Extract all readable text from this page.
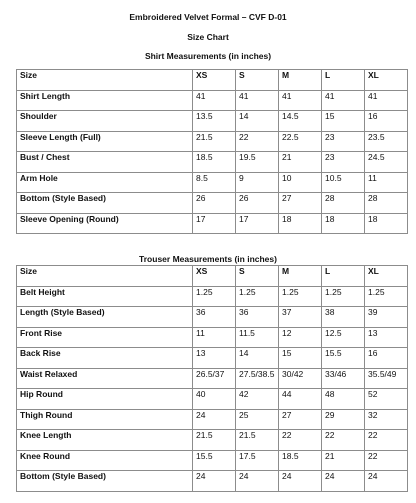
Embroidered Velvet Formal – CVF D-01
Size Chart
Shirt Measurements (in inches)
Size	XS	S	M	L	XL
Shirt Length	41	41	41	41	41
Shoulder	13.5	14	14.5	15	16
Sleeve Length (Full)	21.5	22	22.5	23	23.5
Bust / Chest	18.5	19.5	21	23	24.5
Arm Hole	8.5	9	10	10.5	11
Bottom (Style Based)	26	26	27	28	28
Sleeve Opening (Round)	17	17	18	18	18
Trouser Measurements (in inches)
Size	XS	S	M	L	XL
Belt Height	1.25	1.25	1.25	1.25	1.25
Length (Style Based)	36	36	37	38	39
Front Rise	11	11.5	12	12.5	13
Back Rise	13	14	15	15.5	16
Waist Relaxed	26.5/37	27.5/38.5	30/42	33/46	35.5/49
Hip Round	40	42	44	48	52
Thigh Round	24	25	27	29	32
Knee Length	21.5	21.5	22	22	22
Knee Round	15.5	17.5	18.5	21	22
Bottom (Style Based)	24	24	24	24	24
